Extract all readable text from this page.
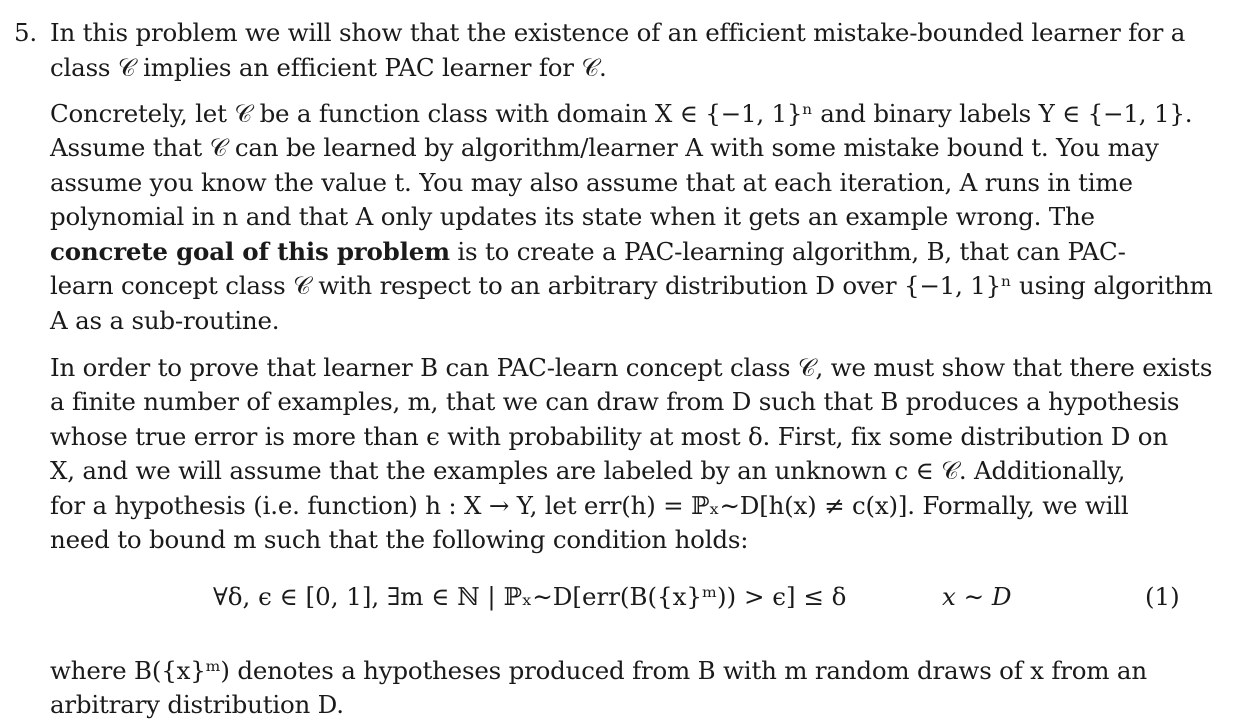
5. In this problem we will show that the existence of an efficient mistake-bounded learner for a
class 𝒞 implies an efficient PAC learner for 𝒞.
Concretely, let 𝒞 be a function class with domain X ∈ {−1, 1}ⁿ and binary labels Y ∈ {−1, 1}.
Assume that 𝒞 can be learned by algorithm/learner A with some mistake bound t. You may
assume you know the value t. You may also assume that at each iteration, A runs in time
polynomial in n and that A only updates its state when it gets an example wrong. The
concrete goal of this problem is to create a PAC-learning algorithm, B, that can PAC-
learn concept class 𝒞 with respect to an arbitrary distribution D over {−1, 1}ⁿ using algorithm
A as a sub-routine.
In order to prove that learner B can PAC-learn concept class 𝒞, we must show that there exists
a finite number of examples, m, that we can draw from D such that B produces a hypothesis
whose true error is more than ϵ with probability at most δ. First, fix some distribution D on
X, and we will assume that the examples are labeled by an unknown c ∈ 𝒞. Additionally,
for a hypothesis (i.e. function) h : X → Y, let err(h) = ℙₓ∼D[h(x) ≠ c(x)]. Formally, we will
need to bound m such that the following condition holds:
∀δ, ϵ ∈ [0, 1], ∃m ∈ ℕ | ℙₓ∼D[err(B({x}ᵐ)) > ϵ] ≤ δ	x ∼ D	(1)
where B({x}ᵐ) denotes a hypotheses produced from B with m random draws of x from an
arbitrary distribution D.
